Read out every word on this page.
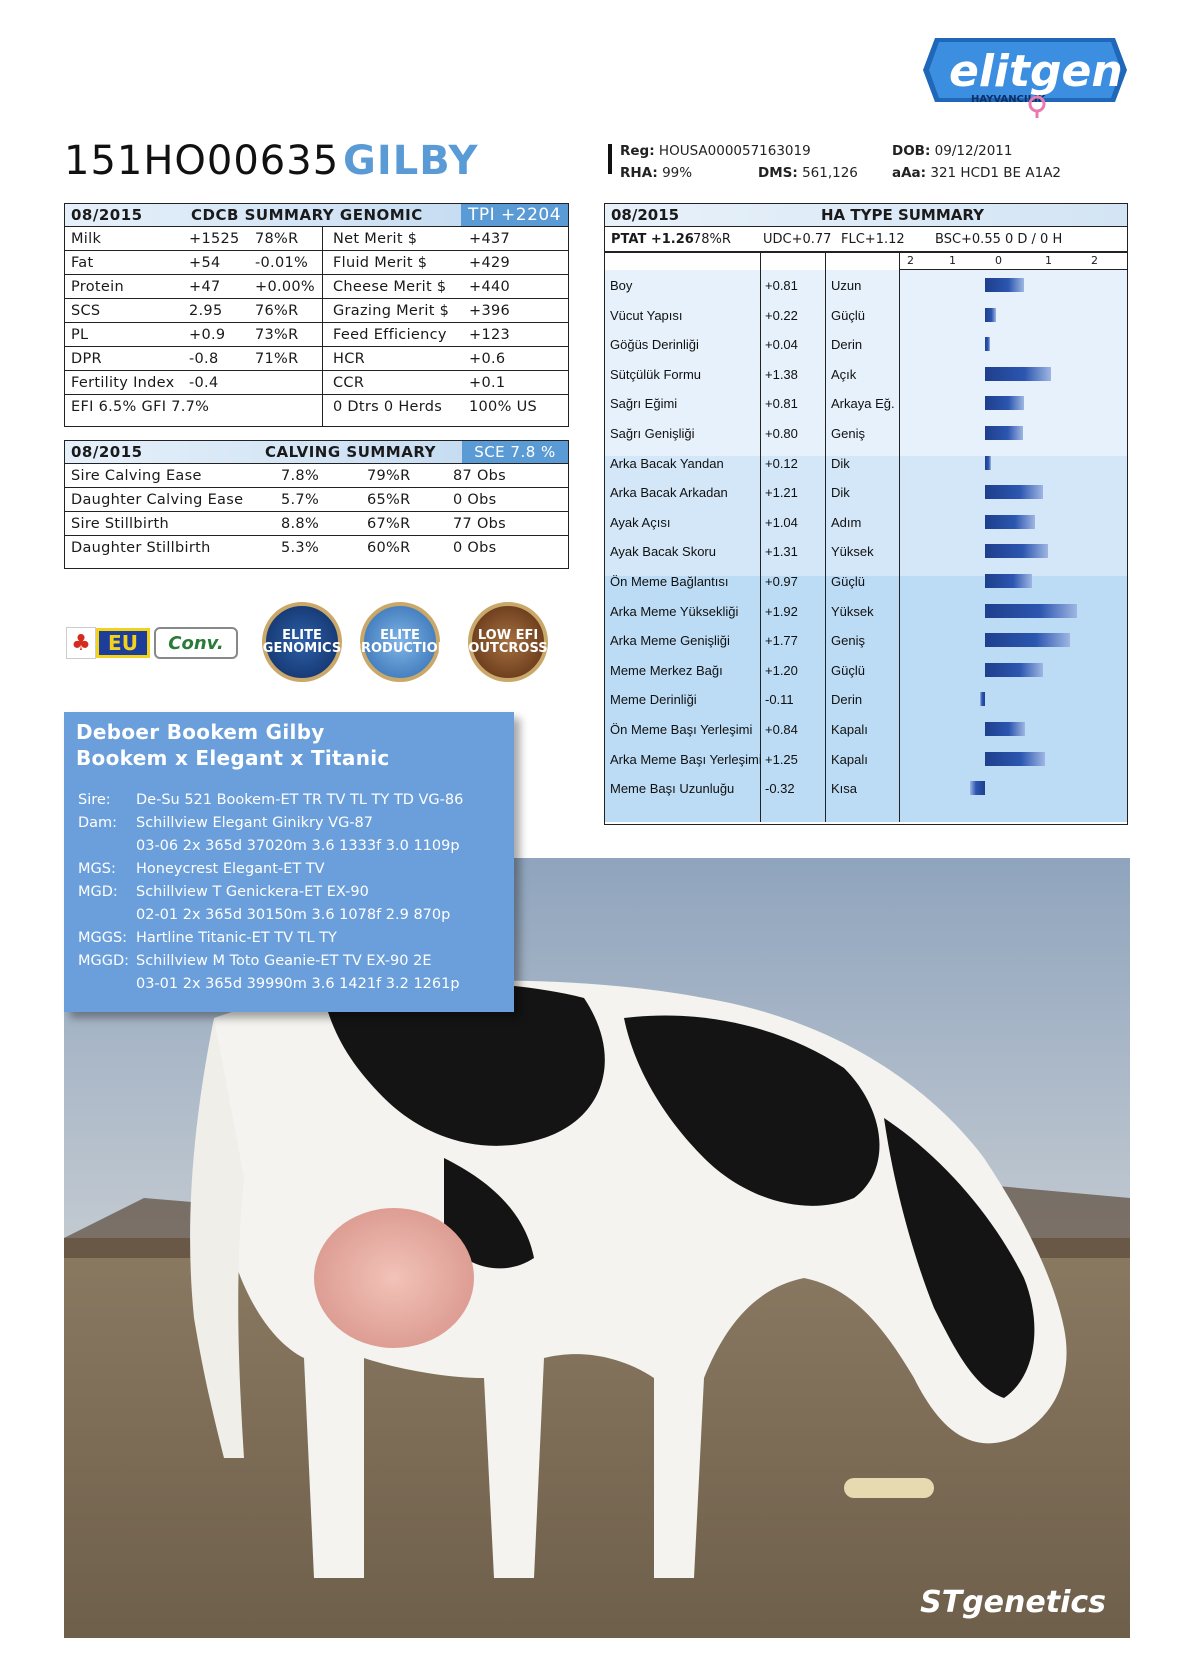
elitgen
HAYVANCILIK
151HO00635 GILBY	Reg: HOUSA000057163019
RHA: 99%	DMS: 561,126
DOB: 09/12/2011
aAa: 321 HCD1 BE A1A2
08/2015	CDCB SUMMARY GENOMIC	TPI +2204
Milk	+1525	78%R	Net Merit $	+437
Fat	+54	-0.01%	Fluid Merit $	+429
Protein	+47	+0.00%	Cheese Merit $	+440
SCS	2.95	76%R	Grazing Merit $	+396
PL	+0.9	73%R	Feed Efficiency	+123
DPR	-0.8	71%R	HCR	+0.6
Fertility Index	-0.4	CCR	+0.1
EFI 6.5% GFI 7.7%	0 Dtrs 0 Herds	100% US
08/2015	CALVING SUMMARY	SCE 7.8 %
Sire Calving Ease	7.8%	79%R	87 Obs
Daughter Calving Ease	5.7%	65%R	0 Obs
Sire Stillbirth	8.8%	67%R	77 Obs
Daughter Stillbirth	5.3%	60%R	0 Obs
♣ EU	Conv.	ELITE GENOMICS
ELITE PRODUCTION
LOW EFI (OUTCROSS)
08/2015	HA TYPE SUMMARY
PTAT +1.26 78%R UDC+0.77 FLC+1.12 BSC+0.55 0 D / 0 H
2	1	0	1	2
Boy	+0.81	Uzun
Vücut Yapısı	+0.22	Güçlü
Göğüs Derinliği	+0.04	Derin
Sütçülük Formu	+1.38	Açık
Sağrı Eğimi	+0.81	Arkaya Eğ.
Sağrı Genişliği	+0.80	Geniş
Arka Bacak Yandan	+0.12	Dik
Arka Bacak Arkadan	+1.21	Dik
Ayak Açısı	+1.04	Adım
Ayak Bacak Skoru	+1.31	Yüksek
Ön Meme Bağlantısı	+0.97	Güçlü
Arka Meme Yüksekliği +1.92	Yüksek
Arka Meme Genişliği	+1.77	Geniş
Meme Merkez Bağı	+1.20	Güçlü
Meme Derinliği	-0.11	Derin
Ön Meme Başı Yerleşimi +0.84	Kapalı
Arka Meme Başı Yerleşimi +1.25	Kapalı
Meme Başı Uzunluğu -0.32	Kısa
STgenetics
Deboer Bookem Gilby
Bookem x Elegant x Titanic
Sire: De-Su 521 Bookem-ET TR TV TL TY TD VG-86
Dam: Schillview Elegant Ginikry VG-87
03-06 2x 365d 37020m 3.6 1333f 3.0 1109p
MGS: Honeycrest Elegant-ET TV
MGD: Schillview T Genickera-ET EX-90
02-01 2x 365d 30150m 3.6 1078f 2.9 870p
MGGS: Hartline Titanic-ET TV TL TY
MGGD: Schillview M Toto Geanie-ET TV EX-90 2E
03-01 2x 365d 39990m 3.6 1421f 3.2 1261p
